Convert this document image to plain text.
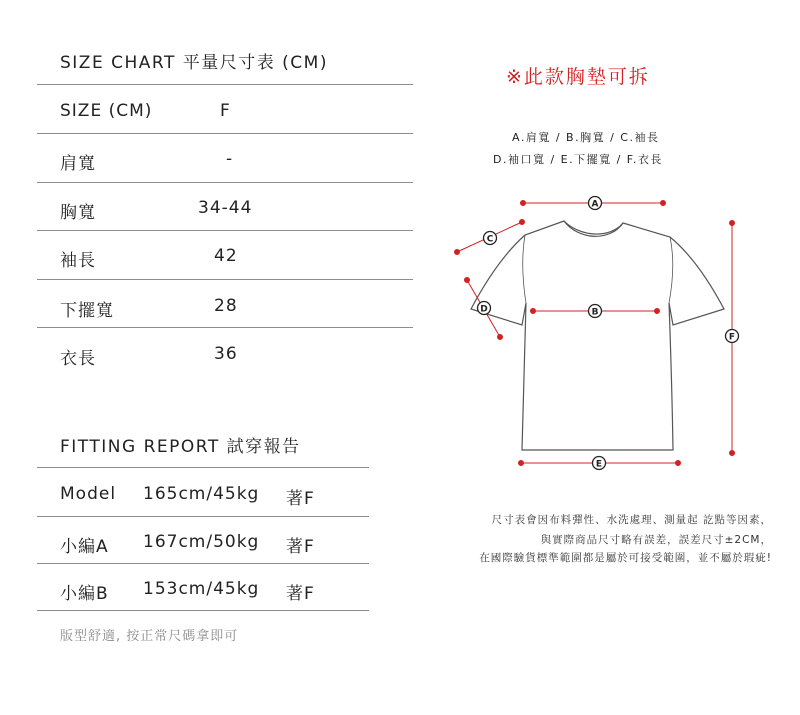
SIZE CHART 平量尺寸表 (CM)
SIZE (CM)	F
肩寬	-
胸寬	34-44
袖長	42
下擺寬	28
衣長	36
FITTING REPORT 試穿報告
Model 165cm/45kg 著F
小編A 167cm/50kg 著F
小編B 153cm/45kg 著F
版型舒適, 按正常尺碼拿即可
※此款胸墊可拆
A.肩寬 / B.胸寬 / C.袖長
D.袖口寬 / E.下擺寬 / F.衣長
A
B
C
D
E
F
尺寸表會因布料彈性、水洗處理、測量起 訖點等因素，
與實際商品尺寸略有誤差，誤差尺寸±2CM，
在國際驗貨標準範圍都是屬於可接受範圍，並不屬於瑕疵!
